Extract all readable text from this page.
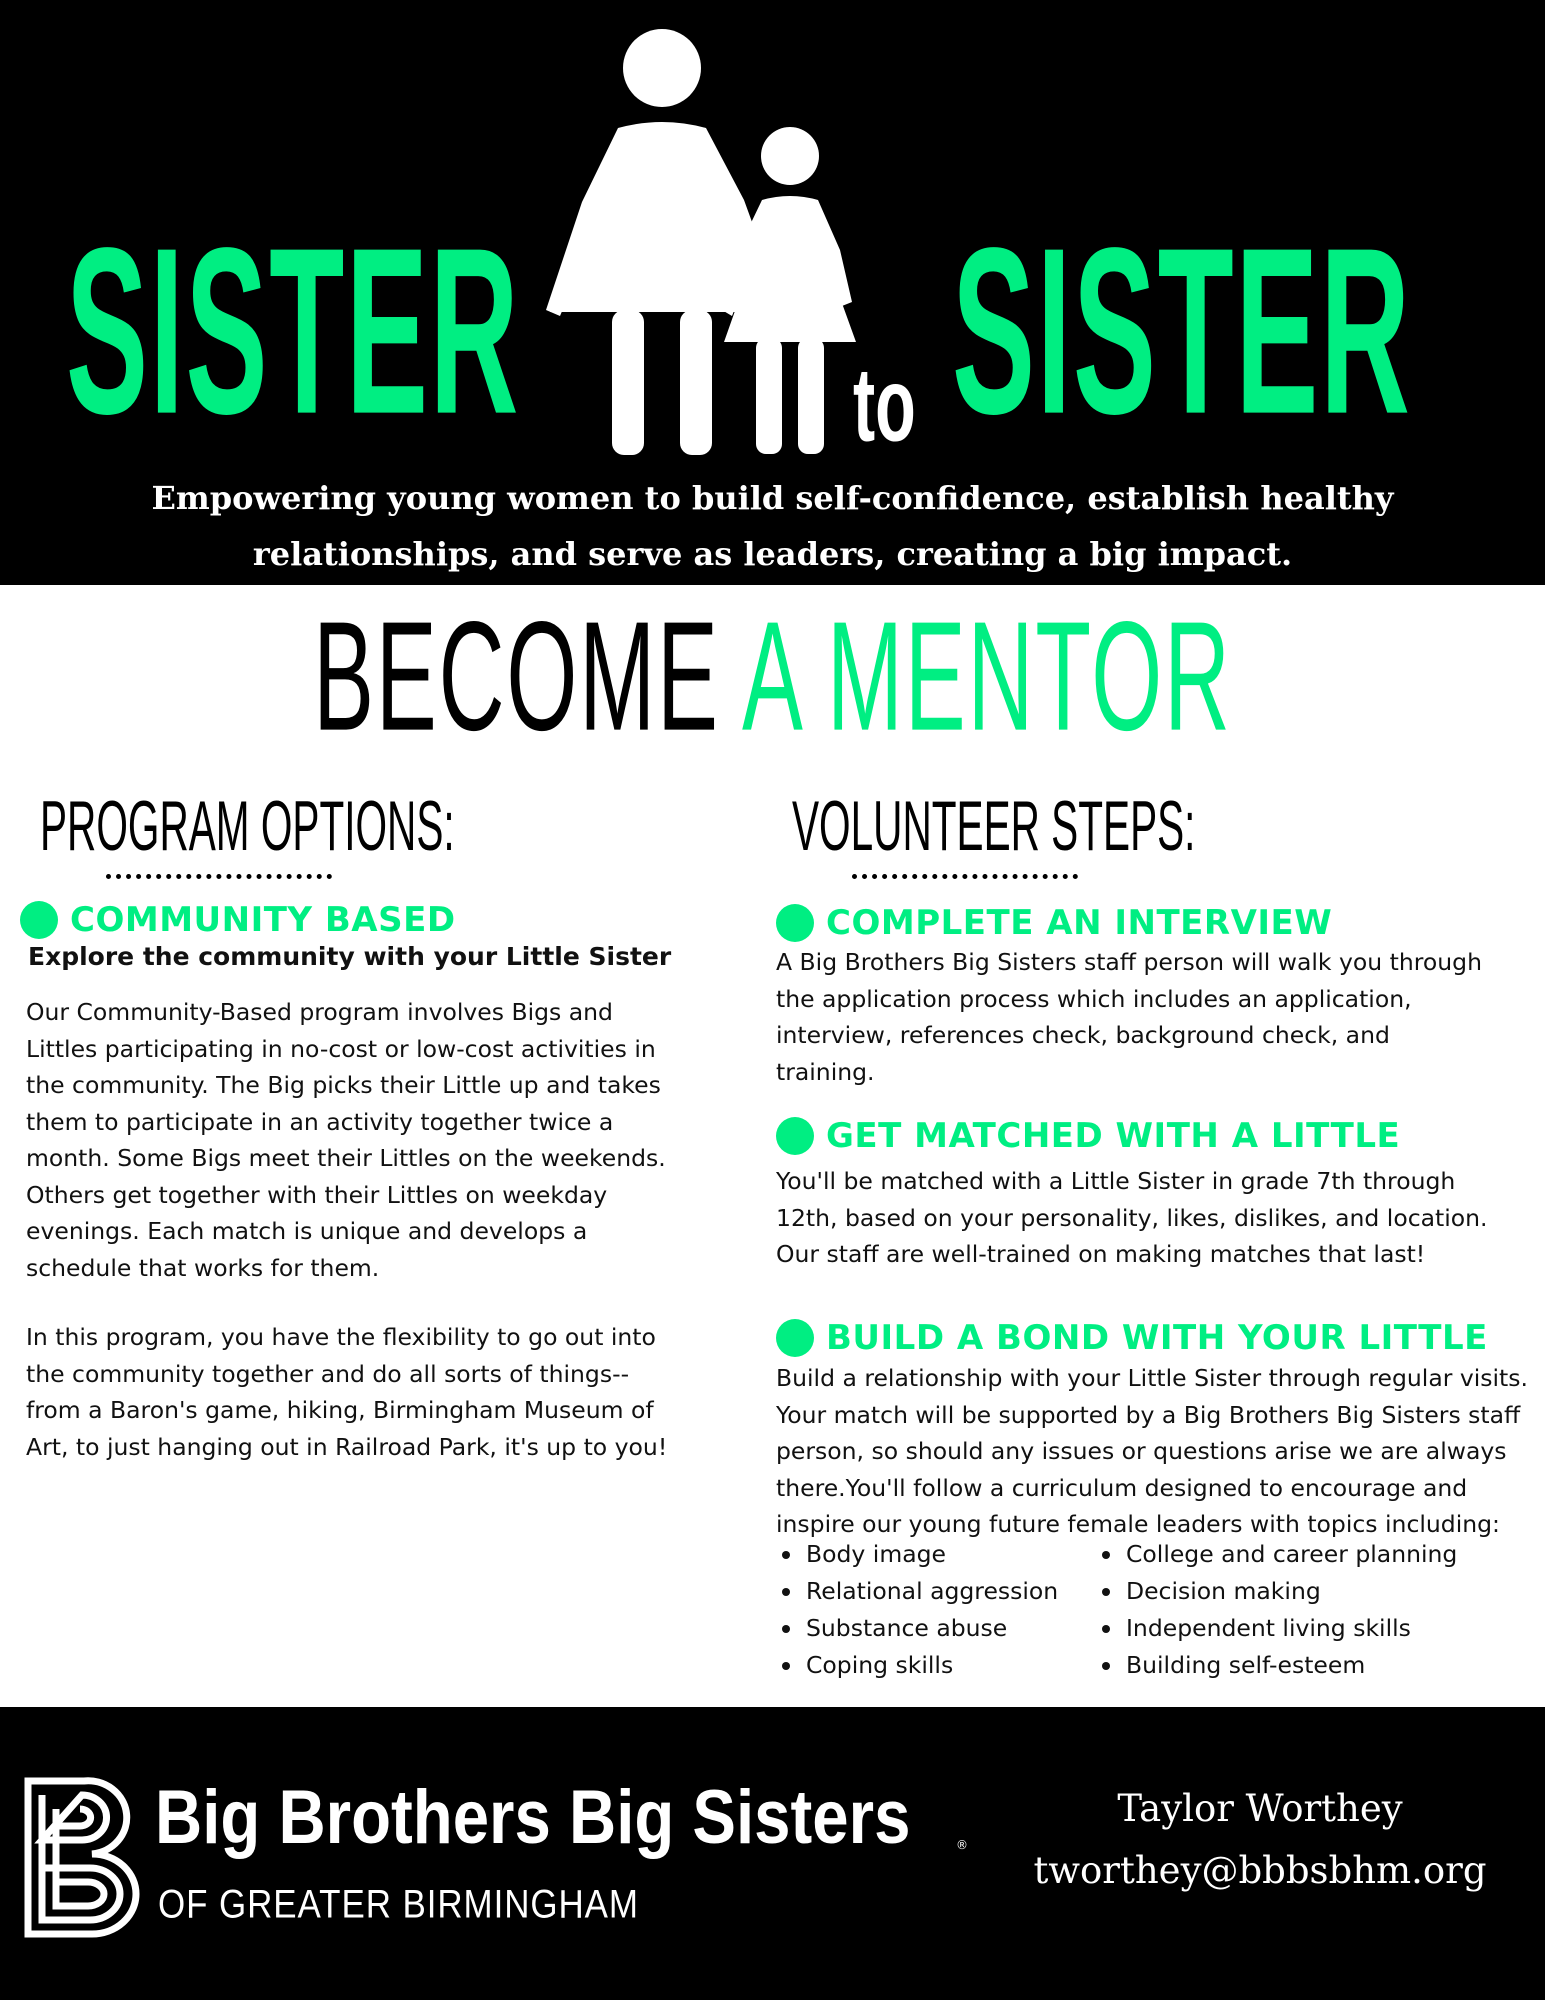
SISTER	to SISTER
Empowering young women to build self-confidence, establish healthy
relationships, and serve as leaders, creating a big impact.
BECOME A MENTOR
PROGRAM OPTIONS:
COMMUNITY BASED
Explore the community with your Little Sister
Our Community-Based program involves Bigs and
Littles participating in no-cost or low-cost activities in
the community. The Big picks their Little up and takes
them to participate in an activity together twice a
month. Some Bigs meet their Littles on the weekends.
Others get together with their Littles on weekday
evenings. Each match is unique and develops a
schedule that works for them.
In this program, you have the flexibility to go out into
the community together and do all sorts of things--
from a Baron's game, hiking, Birmingham Museum of
Art, to just hanging out in Railroad Park, it's up to you!
VOLUNTEER STEPS:
COMPLETE AN INTERVIEW
A Big Brothers Big Sisters staff person will walk you through
the application process which includes an application,
interview, references check, background check, and
training.
GET MATCHED WITH A LITTLE
You'll be matched with a Little Sister in grade 7th through
12th, based on your personality, likes, dislikes, and location.
Our staff are well-trained on making matches that last!
BUILD A BOND WITH YOUR LITTLE
Build a relationship with your Little Sister through regular visits.
Your match will be supported by a Big Brothers Big Sisters staff
person, so should any issues or questions arise we are always
there.You'll follow a curriculum designed to encourage and
inspire our young future female leaders with topics including:
Body image	College and career planning
Relational aggression	Decision making
Substance abuse	Independent living skills
Coping skills	Building self-esteem
Big Brothers Big Sisters	®
OF GREATER BIRMINGHAM
Taylor Worthey
tworthey@bbbsbhm.org
